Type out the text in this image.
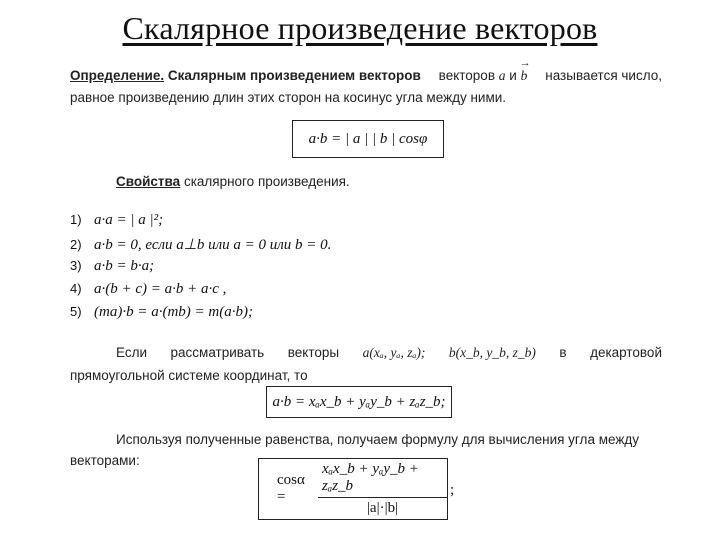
Скалярное произведение векторов
Определение. Скалярным произведением векторов векторов a и → b называется число,
равное произведению длин этих сторон на косинус угла между ними.
a·b = | a | | b | cosφ
Свойства скалярного произведения.
1) a·a = | a |²;
2) a·b = 0, если a⊥b или a = 0 или b = 0.
3) a·b = b·a;
4) a·(b + c) = a·b + a·c ,
5) (ma)·b = a·(mb) = m(a·b);
Если рассматривать векторы a(xₐ, yₐ, zₐ); b(x_b, y_b, z_b) в декартовой
прямоугольной системе координат, то
a·b = xₐx_b + yₐy_b + zₐz_b;
Используя полученные равенства, получаем формулу для вычисления угла между
векторами:
cosα =	$\frac{\text{xₐx\_b + yₐy\_b + zₐz\_b}}{|a|\cdot|b|}$ ;
